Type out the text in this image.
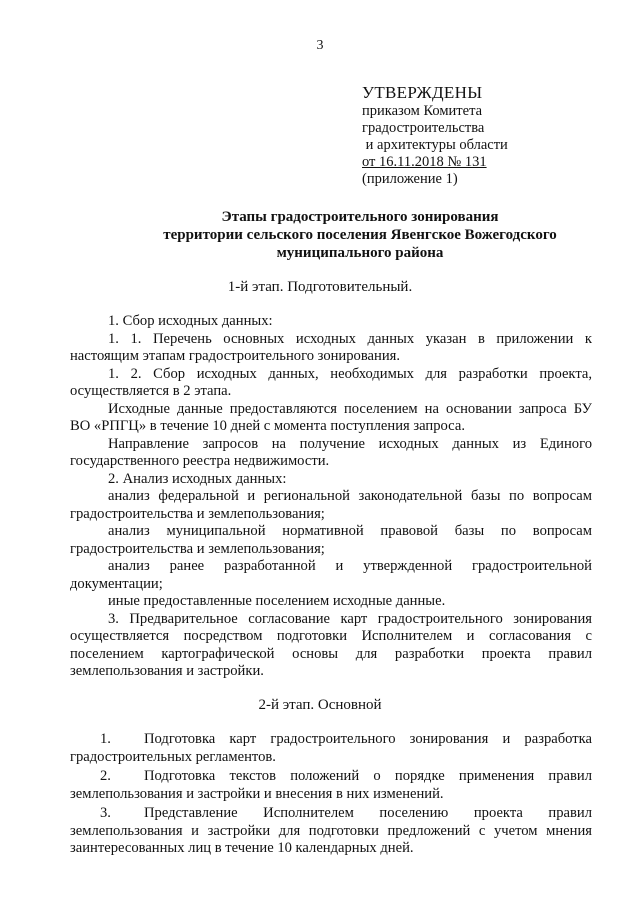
3
УТВЕРЖДЕНЫ
приказом Комитета
градостроительства
и архитектуры области
от 16.11.2018 № 131
(приложение 1)
Этапы градостроительного зонирования
территории сельского поселения Явенгское Вожегодского
муниципального района
1-й этап. Подготовительный.

1. Сбор исходных данных:

1. 1. Перечень основных исходных данных указан в приложении к настоящим этапам градостроительного зонирования.

1. 2. Сбор исходных данных, необходимых для разработки проекта, осуществляется в 2 этапа.

Исходные данные предоставляются поселением на основании запроса БУ ВО «РПГЦ» в течение 10 дней с момента поступления запроса.

Направление запросов на получение исходных данных из Единого государственного реестра недвижимости.

2. Анализ исходных данных:

анализ федеральной и региональной законодательной базы по вопросам градостроительства и землепользования;

анализ муниципальной нормативной правовой базы по вопросам градостроительства и землепользования;

анализ ранее разработанной и утвержденной градостроительной документации;

иные предоставленные поселением исходные данные.

3. Предварительное согласование карт градостроительного зонирования осуществляется посредством подготовки Исполнителем и согласования с поселением картографической основы для разработки проекта правил землепользования и застройки.

2-й этап. Основной

1. Подготовка карт градостроительного зонирования и разработка градостроительных регламентов.

2. Подготовка текстов положений о порядке применения правил землепользования и застройки и внесения в них изменений.

3. Представление Исполнителем поселению проекта правил землепользования и застройки для подготовки предложений с учетом мнения заинтересованных лиц в течение 10 календарных дней.
